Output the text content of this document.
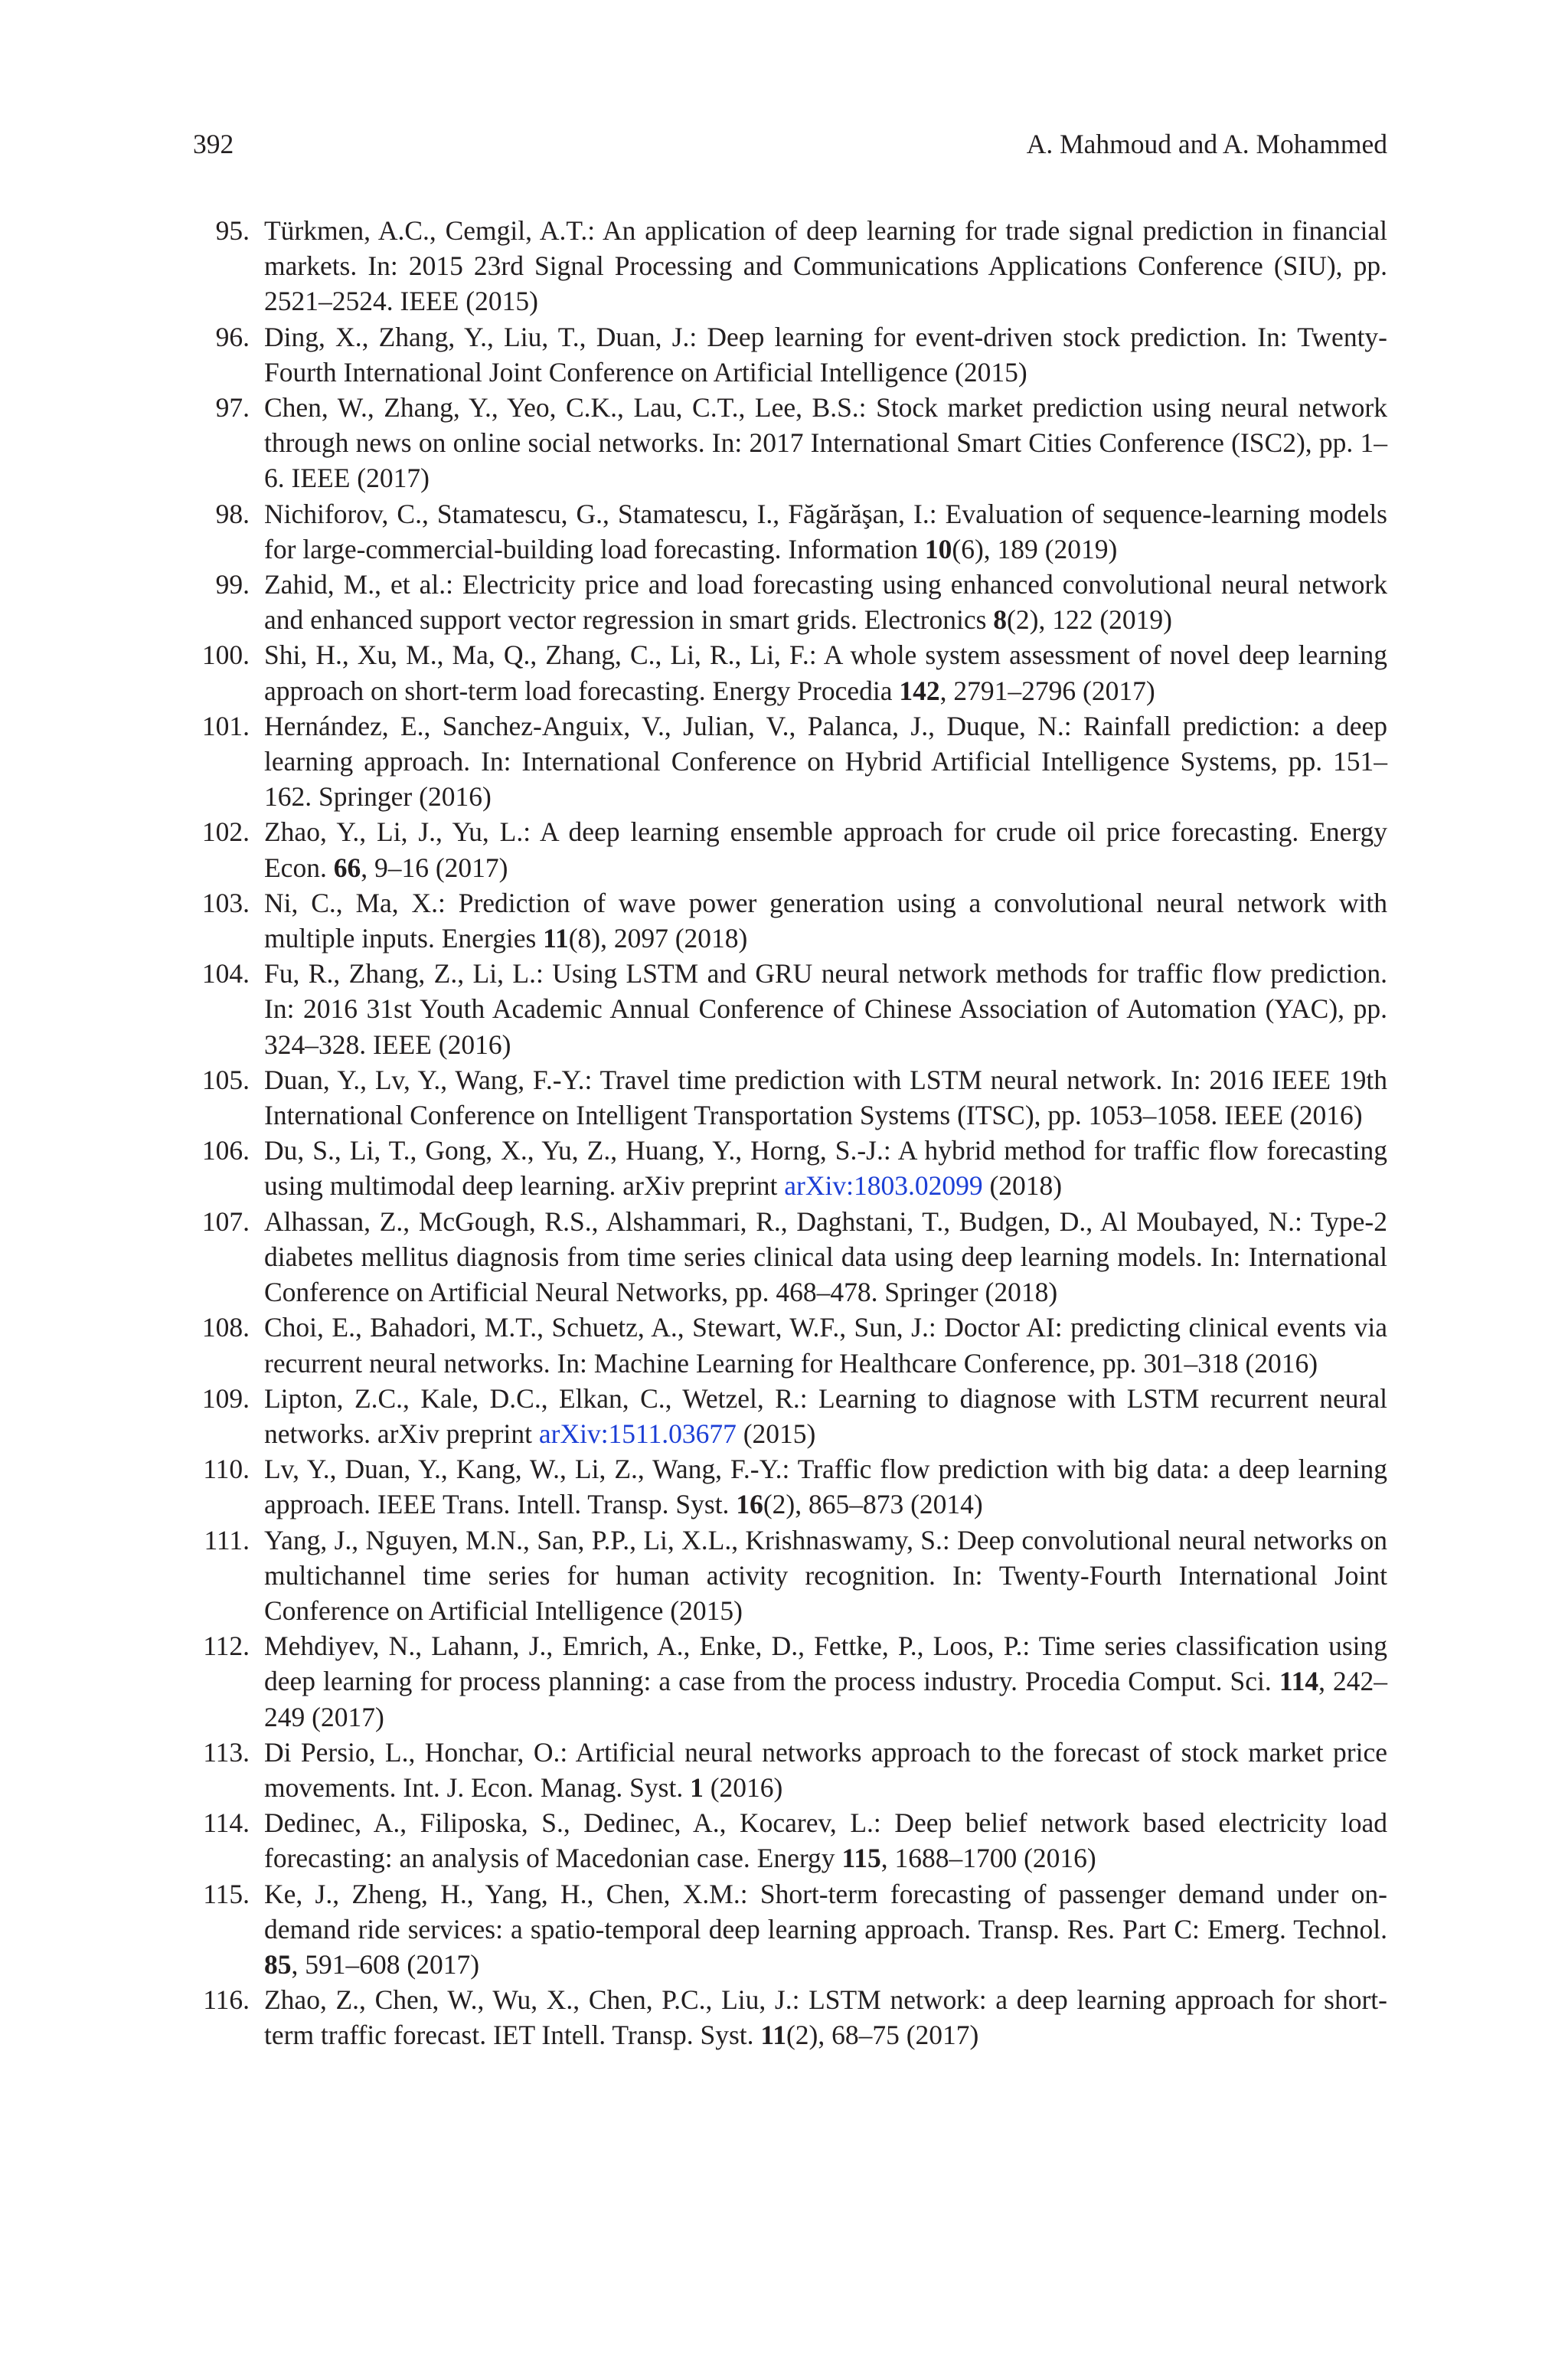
392	A. Mahmoud and A. Mohammed
95. Türkmen, A.C., Cemgil, A.T.: An application of deep learning for trade signal prediction in financial markets. In: 2015 23rd Signal Processing and Communications Applications Conference (SIU), pp. 2521–2524. IEEE (2015)
96. Ding, X., Zhang, Y., Liu, T., Duan, J.: Deep learning for event-driven stock prediction. In: Twenty-Fourth International Joint Conference on Artificial Intelligence (2015)
97. Chen, W., Zhang, Y., Yeo, C.K., Lau, C.T., Lee, B.S.: Stock market prediction using neural network through news on online social networks. In: 2017 International Smart Cities Conference (ISC2), pp. 1–6. IEEE (2017)
98. Nichiforov, C., Stamatescu, G., Stamatescu, I., Făgărăşan, I.: Evaluation of sequence-learning models for large-commercial-building load forecasting. Information 10(6), 189 (2019)
99. Zahid, M., et al.: Electricity price and load forecasting using enhanced convolutional neural network and enhanced support vector regression in smart grids. Electronics 8(2), 122 (2019)
100. Shi, H., Xu, M., Ma, Q., Zhang, C., Li, R., Li, F.: A whole system assessment of novel deep learning approach on short-term load forecasting. Energy Procedia 142, 2791–2796 (2017)
101. Hernández, E., Sanchez-Anguix, V., Julian, V., Palanca, J., Duque, N.: Rainfall prediction: a deep learning approach. In: International Conference on Hybrid Artificial Intelligence Systems, pp. 151–162. Springer (2016)
102. Zhao, Y., Li, J., Yu, L.: A deep learning ensemble approach for crude oil price forecasting. Energy Econ. 66, 9–16 (2017)
103. Ni, C., Ma, X.: Prediction of wave power generation using a convolutional neural network with multiple inputs. Energies 11(8), 2097 (2018)
104. Fu, R., Zhang, Z., Li, L.: Using LSTM and GRU neural network methods for traffic flow prediction. In: 2016 31st Youth Academic Annual Conference of Chinese Association of Automation (YAC), pp. 324–328. IEEE (2016)
105. Duan, Y., Lv, Y., Wang, F.-Y.: Travel time prediction with LSTM neural network. In: 2016 IEEE 19th International Conference on Intelligent Transportation Systems (ITSC), pp. 1053–1058. IEEE (2016)
106. Du, S., Li, T., Gong, X., Yu, Z., Huang, Y., Horng, S.-J.: A hybrid method for traffic flow forecasting using multimodal deep learning. arXiv preprint arXiv:1803.02099 (2018)
107. Alhassan, Z., McGough, R.S., Alshammari, R., Daghstani, T., Budgen, D., Al Moubayed, N.: Type-2 diabetes mellitus diagnosis from time series clinical data using deep learning models. In: International Conference on Artificial Neural Networks, pp. 468–478. Springer (2018)
108. Choi, E., Bahadori, M.T., Schuetz, A., Stewart, W.F., Sun, J.: Doctor AI: predicting clinical events via recurrent neural networks. In: Machine Learning for Healthcare Conference, pp. 301–318 (2016)
109. Lipton, Z.C., Kale, D.C., Elkan, C., Wetzel, R.: Learning to diagnose with LSTM recurrent neural networks. arXiv preprint arXiv:1511.03677 (2015)
110. Lv, Y., Duan, Y., Kang, W., Li, Z., Wang, F.-Y.: Traffic flow prediction with big data: a deep learning approach. IEEE Trans. Intell. Transp. Syst. 16(2), 865–873 (2014)
111. Yang, J., Nguyen, M.N., San, P.P., Li, X.L., Krishnaswamy, S.: Deep convolutional neural networks on multichannel time series for human activity recognition. In: Twenty-Fourth International Joint Conference on Artificial Intelligence (2015)
112. Mehdiyev, N., Lahann, J., Emrich, A., Enke, D., Fettke, P., Loos, P.: Time series classification using deep learning for process planning: a case from the process industry. Procedia Comput. Sci. 114, 242–249 (2017)
113. Di Persio, L., Honchar, O.: Artificial neural networks approach to the forecast of stock market price movements. Int. J. Econ. Manag. Syst. 1 (2016)
114. Dedinec, A., Filiposka, S., Dedinec, A., Kocarev, L.: Deep belief network based electricity load forecasting: an analysis of Macedonian case. Energy 115, 1688–1700 (2016)
115. Ke, J., Zheng, H., Yang, H., Chen, X.M.: Short-term forecasting of passenger demand under on-demand ride services: a spatio-temporal deep learning approach. Transp. Res. Part C: Emerg. Technol. 85, 591–608 (2017)
116. Zhao, Z., Chen, W., Wu, X., Chen, P.C., Liu, J.: LSTM network: a deep learning approach for short-term traffic forecast. IET Intell. Transp. Syst. 11(2), 68–75 (2017)
